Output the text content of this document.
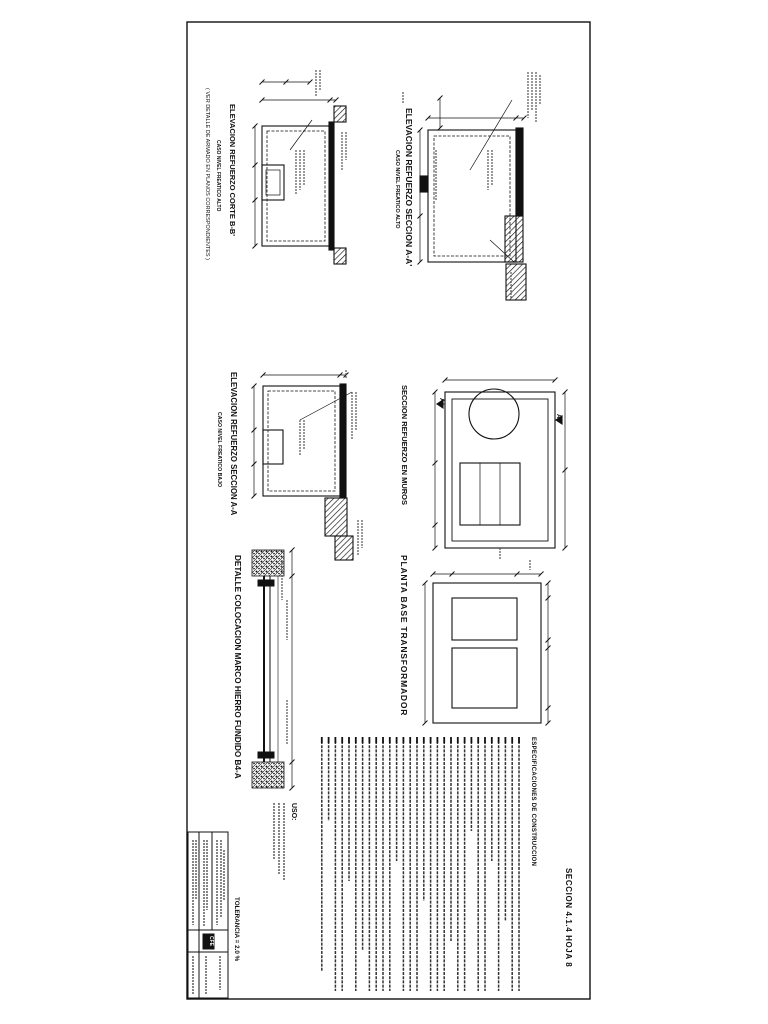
SECCION 4.1.4 HOJA 8
ESPECIFICACIONES DE CONSTRUCCION
ELEVACION REFUERZO SECCION A-A'
CASO NIVEL FREATICO ALTO
ELEVACION REFUERZO CORTE B-B'
CASO NIVEL FREATICO ALTO
( VER DETALLE DE ARMADO EN PLANOS CORRESPONDIENTES )
SECCION REFUERZO EN MUROS	A
A'
PLANTA BASE TRANSFORMADOR
ELEVACION REFUERZO SECCION A-A
CASO NIVEL FREATICO BAJO
DETALLE COLOCACION MARCO HIERRO FUNDIDO B4-A
TOLERANCIA = 2.0 %
USO:
CFE
